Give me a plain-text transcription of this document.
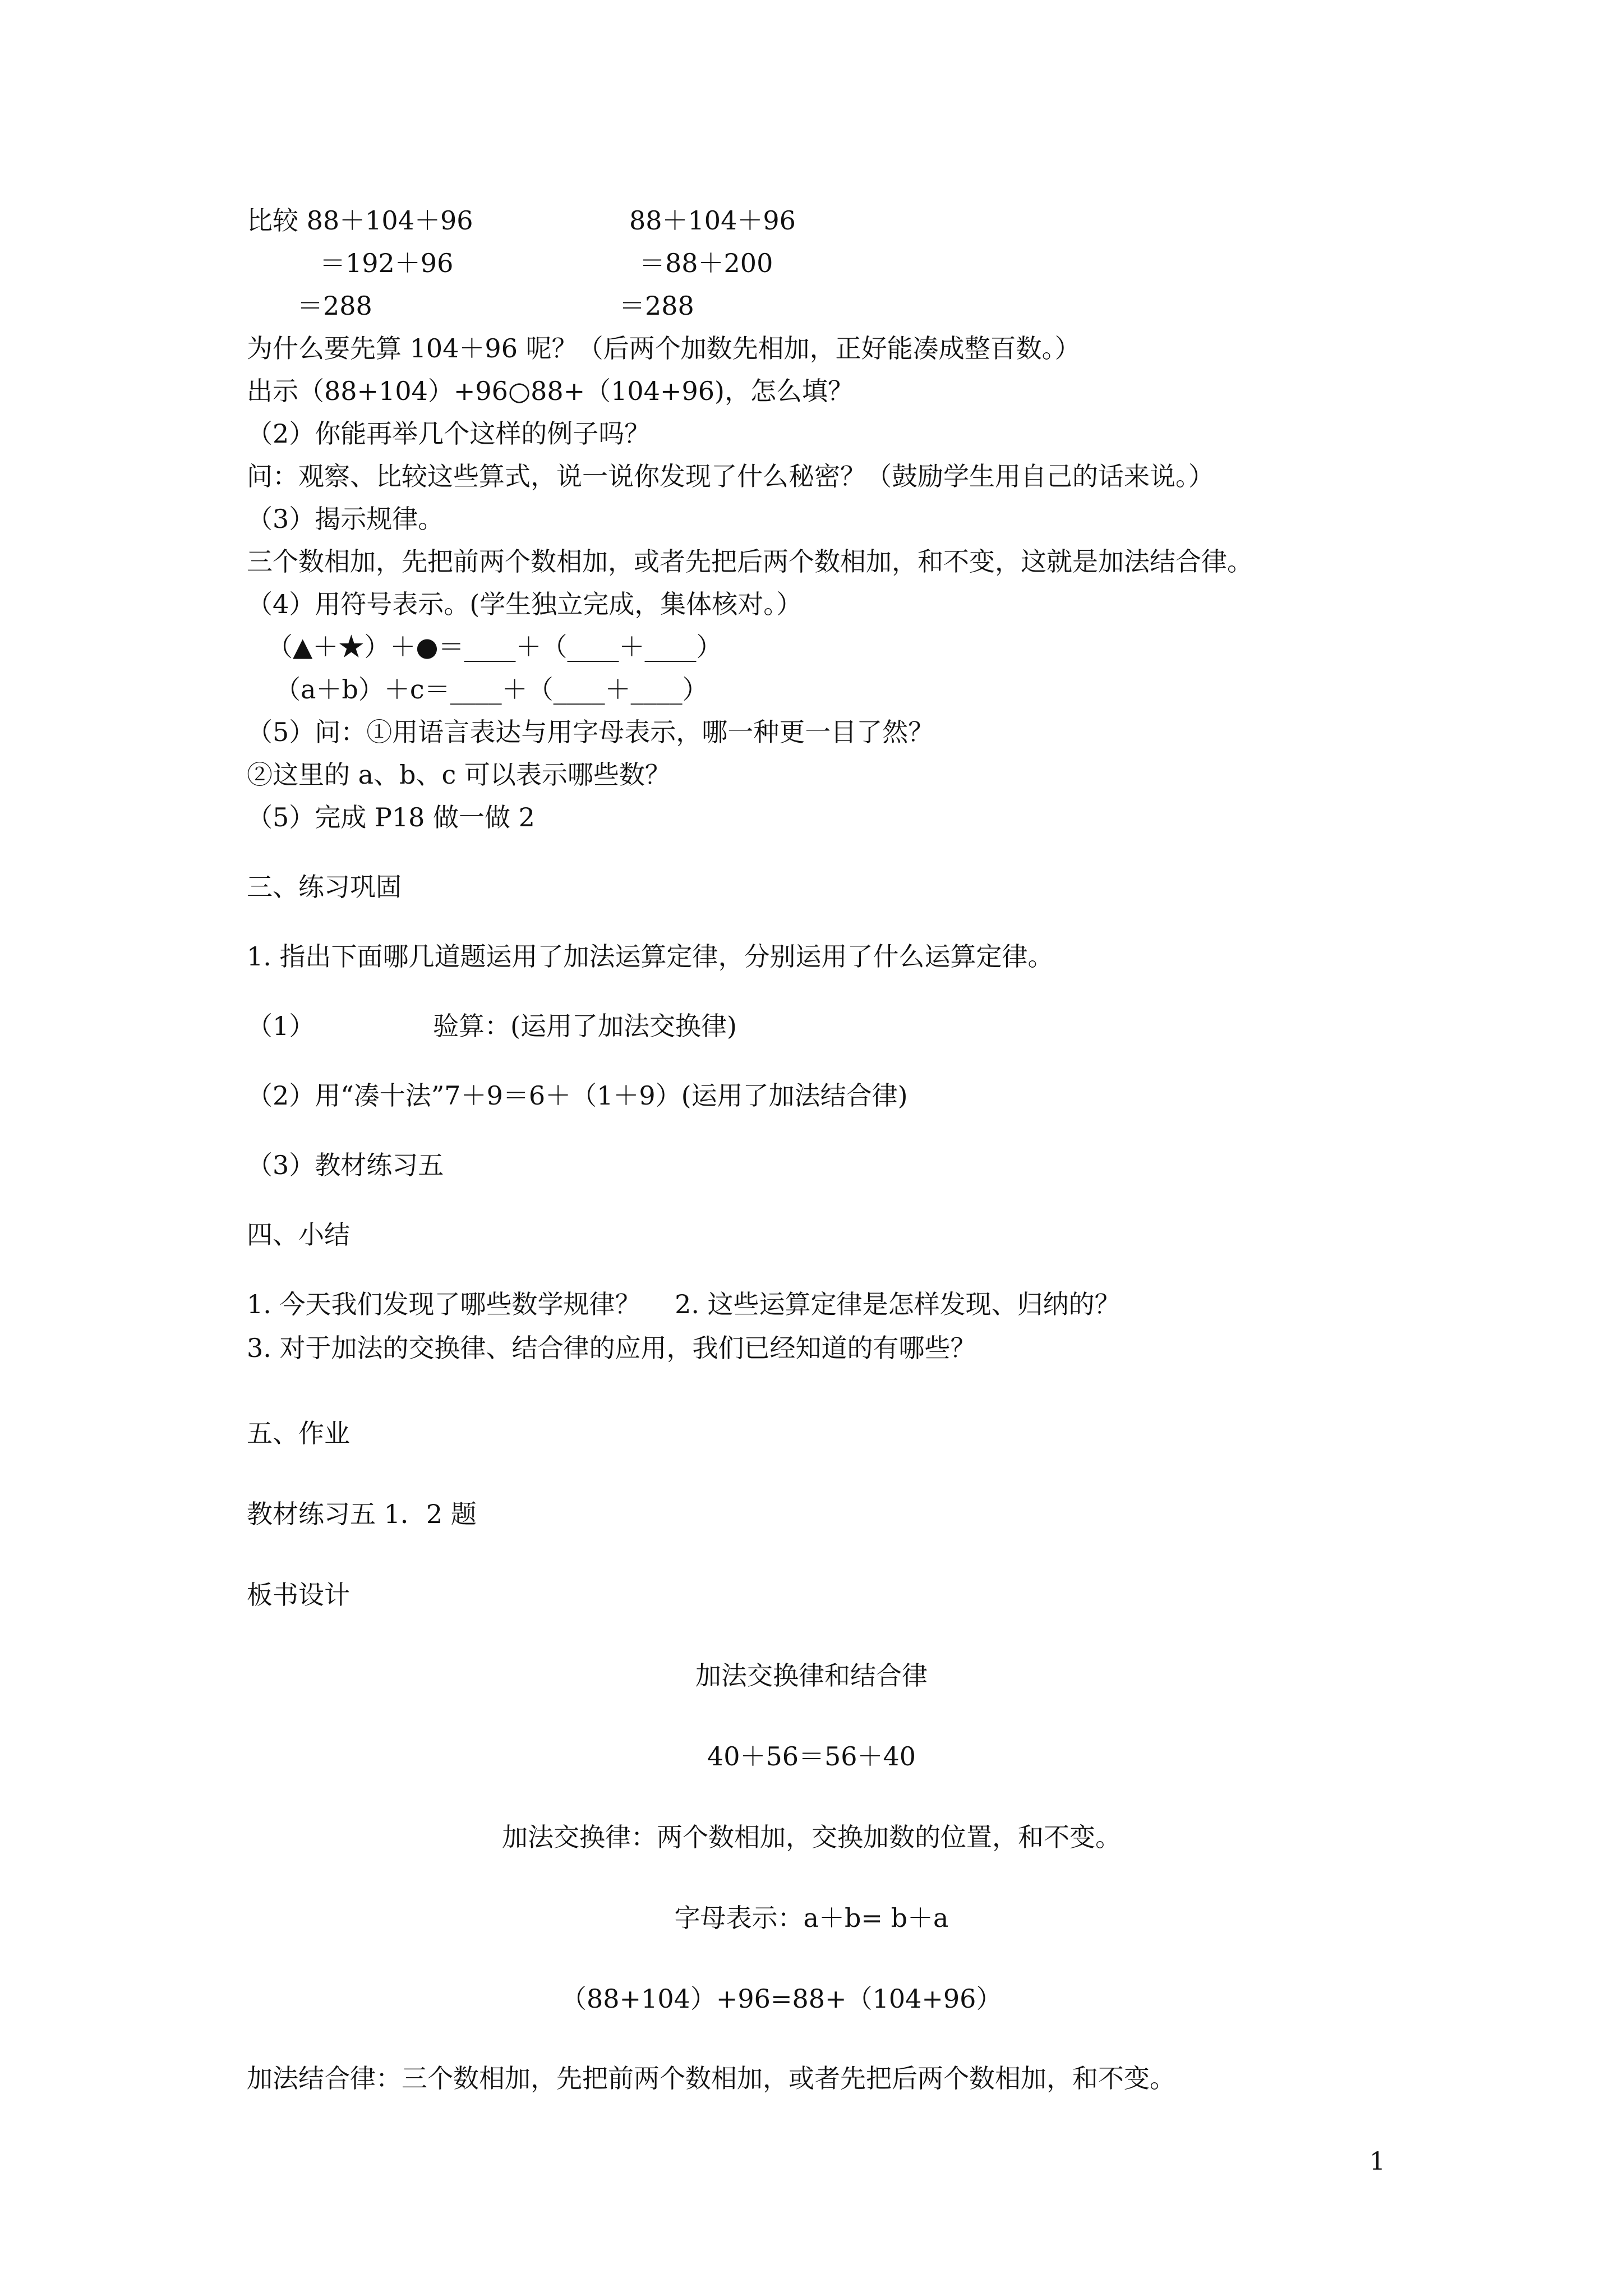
比较 88＋104＋96	88＋104＋96
＝192＋96	＝88＋200
＝288	＝288
为什么要先算 104＋96 呢？（后两个加数先相加，正好能凑成整百数。）
出示（88+104）+96○88+（104+96)，怎么填？
（2）你能再举几个这样的例子吗？
问：观察、比较这些算式，说一说你发现了什么秘密？（鼓励学生用自己的话来说。）
（3）揭示规律。
三个数相加，先把前两个数相加，或者先把后两个数相加，和不变，这就是加法结合律。
（4）用符号表示。(学生独立完成，集体核对。）
（▲＋★）＋●＝____＋（____＋____）
（a＋b）＋c＝____＋（____＋____）
（5）问：①用语言表达与用字母表示，哪一种更一目了然？
②这里的 a、b、c 可以表示哪些数？
（5）完成 P18 做一做 2
三、练习巩固
1. 指出下面哪几道题运用了加法运算定律，分别运用了什么运算定律。
（1）	验算：(运用了加法交换律)
（2）用“凑十法”7＋9＝6＋（1＋9）(运用了加法结合律)
（3）教材练习五
四、小结
1. 今天我们发现了哪些数学规律？　 2. 这些运算定律是怎样发现、归纳的？
3. 对于加法的交换律、结合律的应用，我们已经知道的有哪些？
五、作业
教材练习五 1．2 题
板书设计
加法交换律和结合律
40＋56＝56＋40
加法交换律：两个数相加，交换加数的位置，和不变。
字母表示：a＋b= b＋a
（88+104）+96=88+（104+96）
加法结合律：三个数相加，先把前两个数相加，或者先把后两个数相加，和不变。
1
